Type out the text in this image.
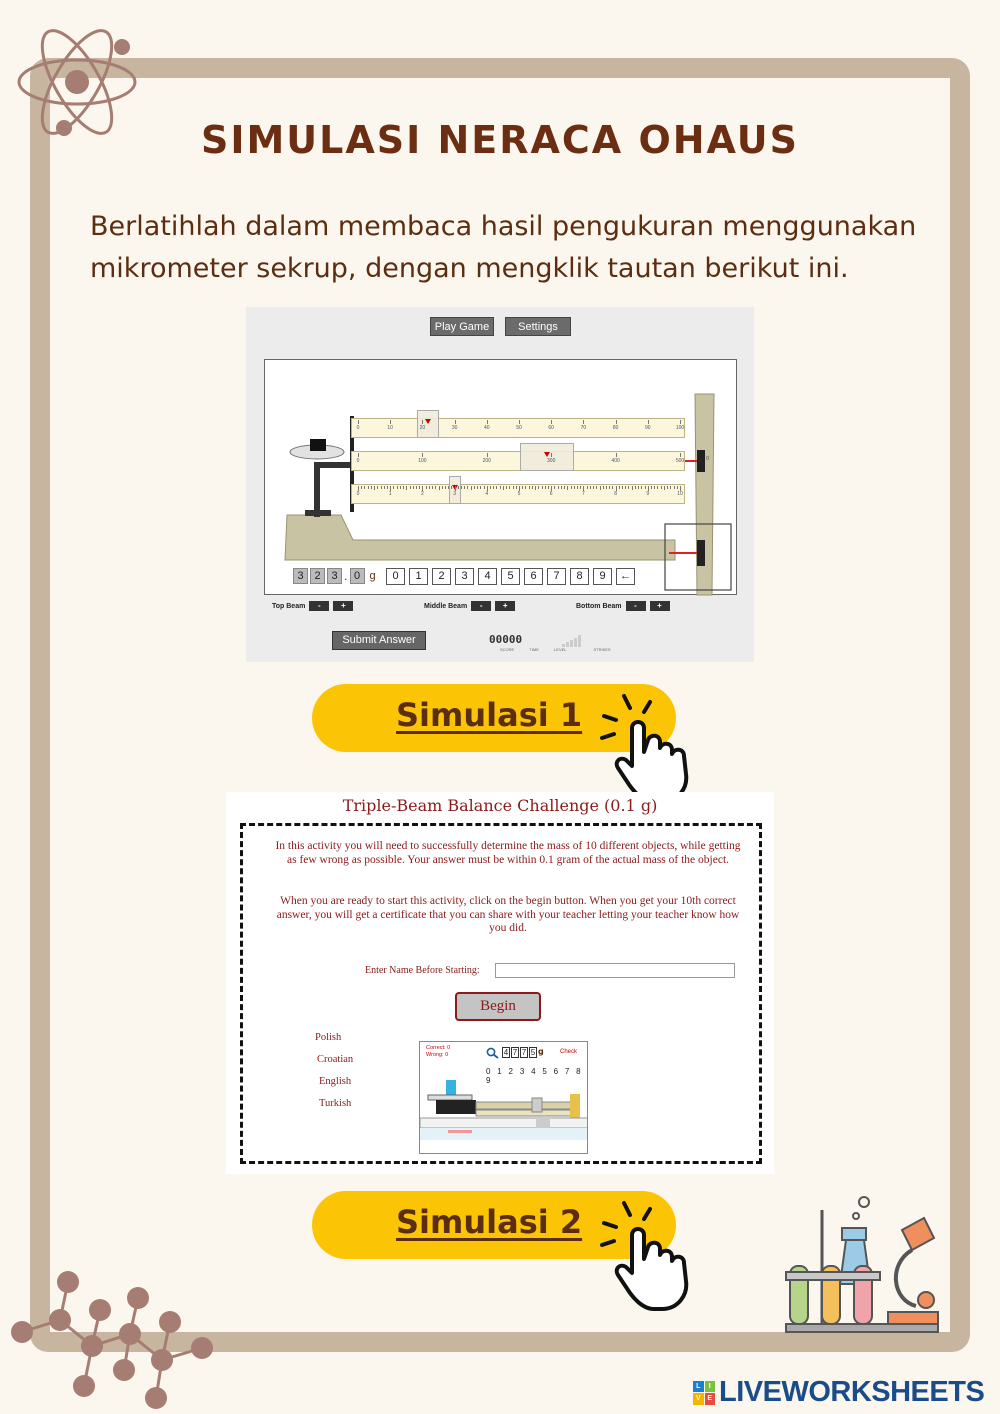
SIMULASI NERACA OHAUS
Berlatihlah dalam membaca hasil pengukuran menggunakan mikrometer sekrup, dengan mengklik tautan berikut ini.
Play Game	Settings
0	10	20	30	40	50	60	70	80	90	100
0	100	200	300	400	500
0	1	2	3	4	5	6	7	8	9	10
0
3 2 3 . 0 g	0	1	2	3	4	5	6	7	8	9	←
Top Beam	-	+	Middle Beam	-	+	Bottom Beam	-	+
Submit Answer	00000
SCORE	TIME	LEVEL	STRIKES
Simulasi 1
Triple-Beam Balance Challenge (0.1 g)
In this activity you will need to successfully determine the mass of 10 different objects, while getting as few wrong as possible. Your answer must be within 0.1 gram of the actual mass of the object.
When you are ready to start this activity, click on the begin button. When you get your 10th correct answer, you will get a certificate that you can share with your teacher letting your teacher know how you did.
Enter Name Before Starting:
Begin
Polish
Croatian
English
Turkish
Correct: 0
Wrong: 0	4 7 7 5 g	Check
0 1 2 3 4 5 6 7 8 9
Simulasi 2
L	I
V E LIVEWORKSHEETS
